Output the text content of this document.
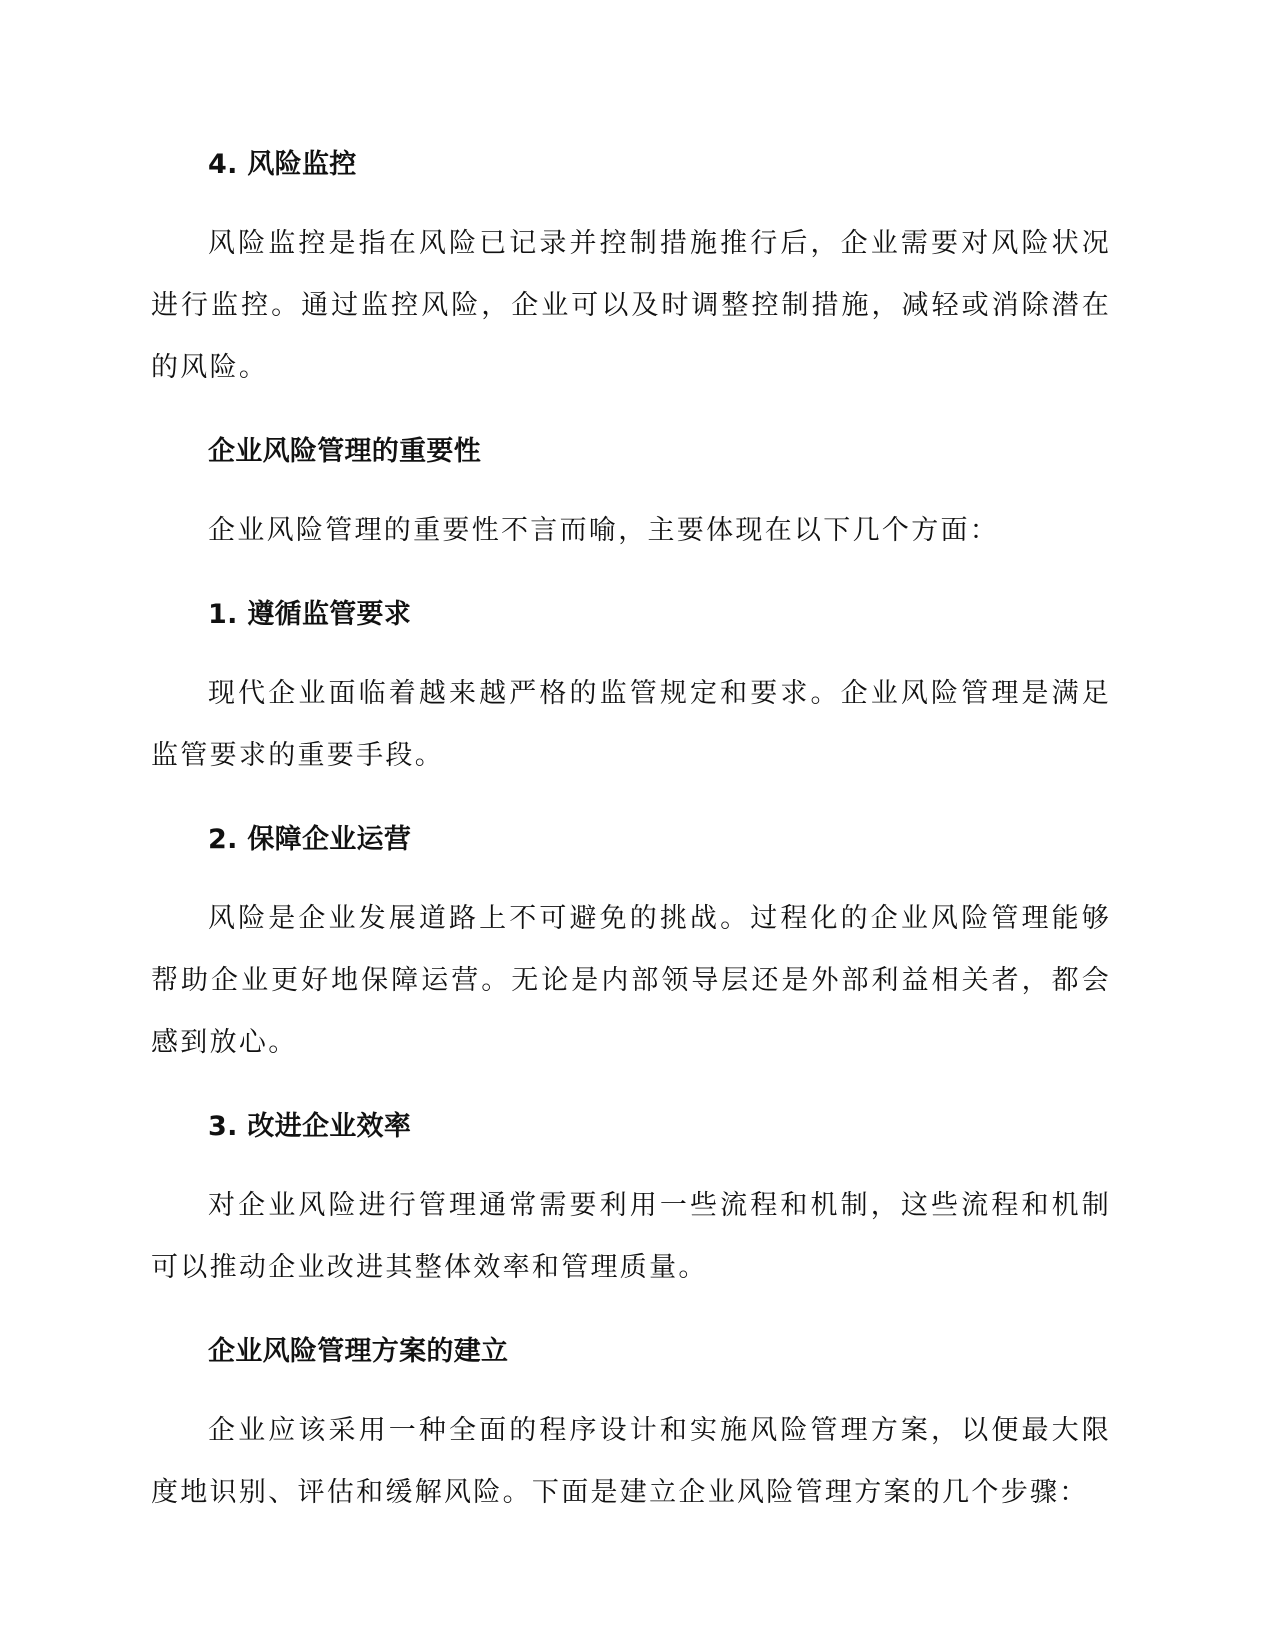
4. 风险监控

风险监控是指在风险已记录并控制措施推行后，企业需要对风险状况进行监控。通过监控风险，企业可以及时调整控制措施，减轻或消除潜在的风险。

企业风险管理的重要性

企业风险管理的重要性不言而喻，主要体现在以下几个方面：

1. 遵循监管要求

现代企业面临着越来越严格的监管规定和要求。企业风险管理是满足监管要求的重要手段。

2. 保障企业运营

风险是企业发展道路上不可避免的挑战。过程化的企业风险管理能够帮助企业更好地保障运营。无论是内部领导层还是外部利益相关者，都会感到放心。

3. 改进企业效率

对企业风险进行管理通常需要利用一些流程和机制，这些流程和机制可以推动企业改进其整体效率和管理质量。

企业风险管理方案的建立

企业应该采用一种全面的程序设计和实施风险管理方案，以便最大限度地识别、评估和缓解风险。下面是建立企业风险管理方案的几个步骤：
